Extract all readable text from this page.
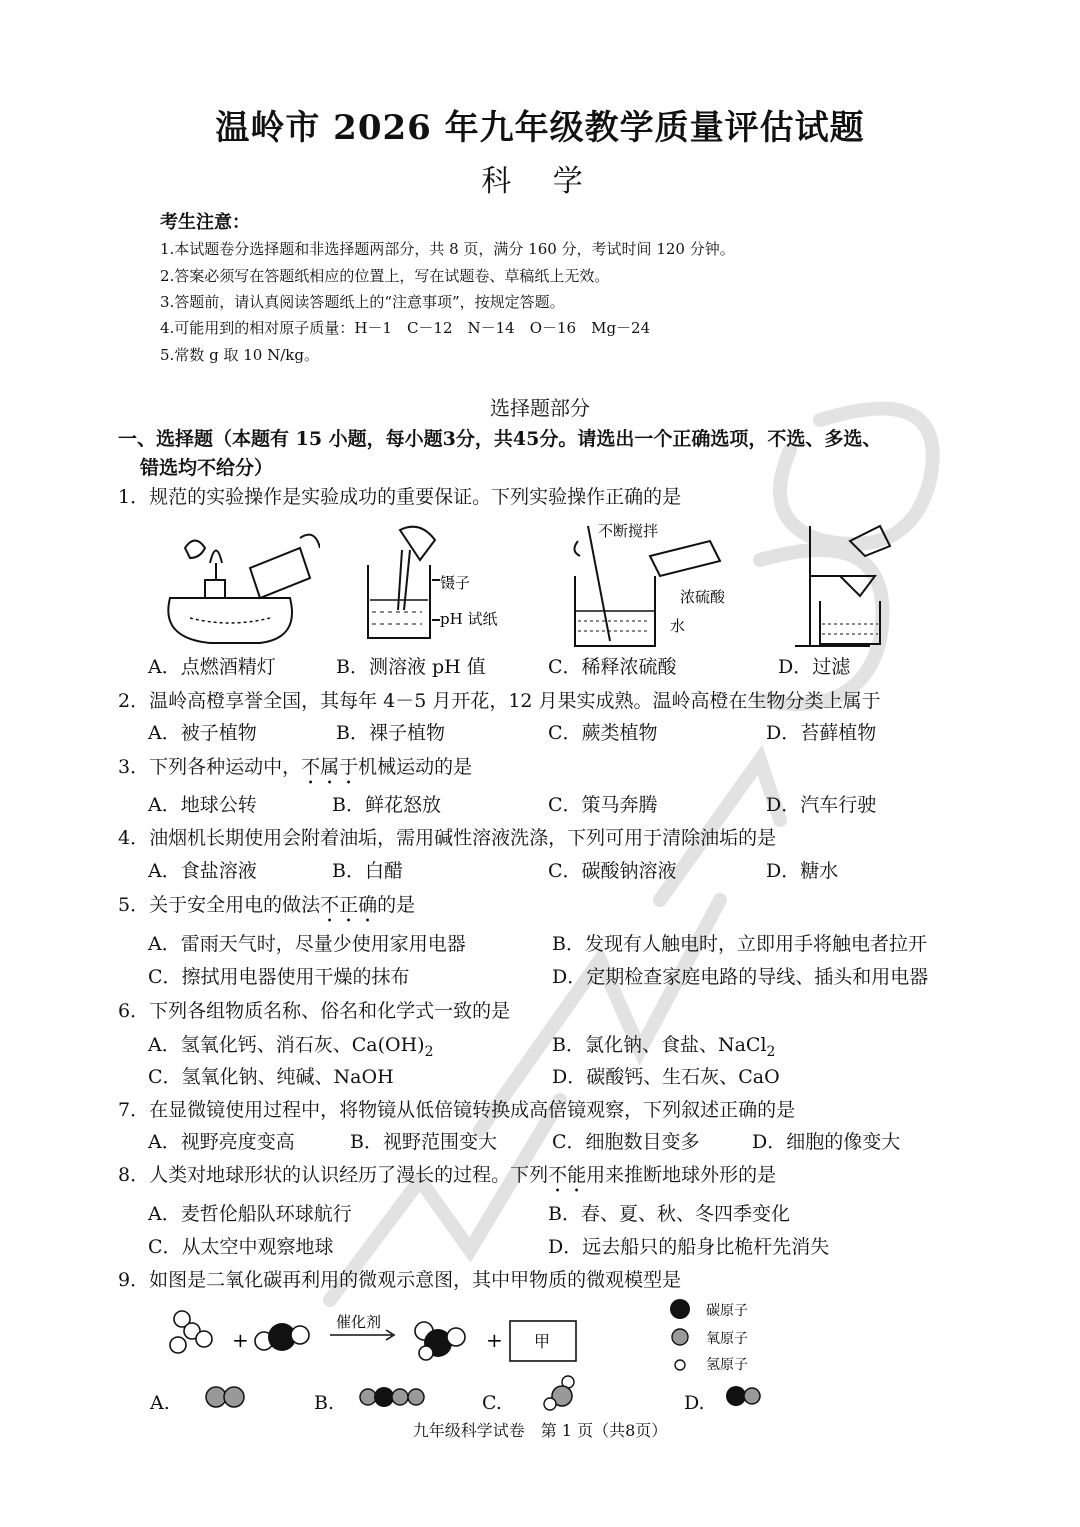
温岭市 2026 年九年级教学质量评估试题
科 学
考生注意：
1.本试题卷分选择题和非选择题两部分，共 8 页，满分 160 分，考试时间 120 分钟。
2.答案必须写在答题纸相应的位置上，写在试题卷、草稿纸上无效。
3.答题前，请认真阅读答题纸上的“注意事项”，按规定答题。
4.可能用到的相对原子质量：H－1　C－12　N－14　O－16　Mg－24
5.常数 g 取 10 N/kg。
选择题部分
一、选择题（本题有 15 小题，每小题3分，共45分。请选出一个正确选项，不选、多选、
错选均不给分）
1．规范的实验操作是实验成功的重要保证。下列实验操作正确的是
镊子
pH 试纸
不断搅拌
浓硫酸
水
A．点燃酒精灯	B．测溶液 pH 值	C．稀释浓硫酸	D．过滤
2．温岭高橙享誉全国，其每年 4－5 月开花，12 月果实成熟。温岭高橙在生物分类上属于
A．被子植物	B．裸子植物	C．蕨类植物	D．苔藓植物
3．下列各种运动中，不属于机械运动的是
A．地球公转	B．鲜花怒放	C．策马奔腾	D．汽车行驶
4．油烟机长期使用会附着油垢，需用碱性溶液洗涤，下列可用于清除油垢的是
A．食盐溶液	B．白醋	C．碳酸钠溶液	D．糖水
5．关于安全用电的做法不正确的是
A．雷雨天气时，尽量少使用家用电器	B．发现有人触电时，立即用手将触电者拉开
C．擦拭用电器使用干燥的抹布	D．定期检查家庭电路的导线、插头和用电器
6．下列各组物质名称、俗名和化学式一致的是
A．氢氧化钙、消石灰、$Ca(OH)_2$	B．氯化钠、食盐、NaCl$_2$
C．氢氧化钠、纯碱、NaOH	D．碳酸钙、生石灰、CaO
7．在显微镜使用过程中，将物镜从低倍镜转换成高倍镜观察，下列叙述正确的是
A．视野亮度变高	B．视野范围变大	C．细胞数目变多	D．细胞的像变大
8．人类对地球形状的认识经历了漫长的过程。下列不能用来推断地球外形的是
A．麦哲伦船队环球航行	B．春、夏、秋、冬四季变化
C．从太空中观察地球	D．远去船只的船身比桅杆先消失
9．如图是二氧化碳再利用的微观示意图，其中甲物质的微观模型是
+
催化剂
+ 甲
碳原子
氧原子
氢原子
A.	B.	C.	D.
九年级科学试卷　第 1 页（共8页）
